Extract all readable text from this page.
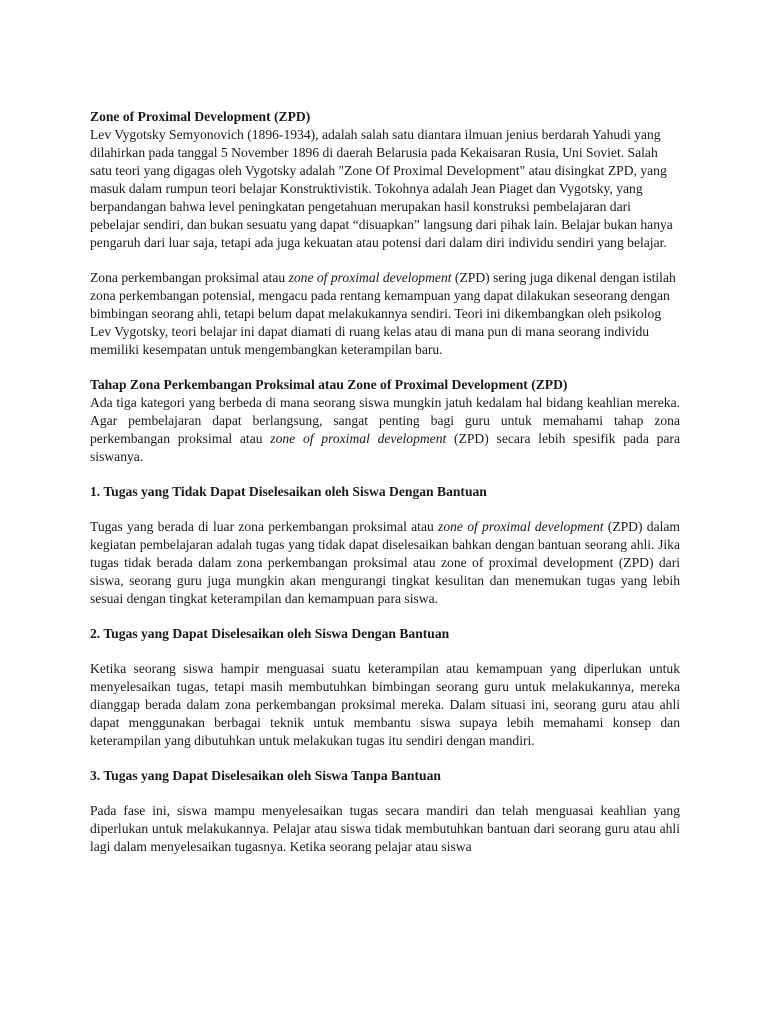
Zone of Proximal Development (ZPD)

Lev Vygotsky Semyonovich (1896-1934), adalah salah satu diantara ilmuan jenius berdarah Yahudi yang dilahirkan pada tanggal 5 November 1896 di daerah Belarusia pada Kekaisaran Rusia, Uni Soviet. Salah satu teori yang digagas oleh Vygotsky adalah "Zone Of Proximal Development" atau disingkat ZPD, yang masuk dalam rumpun teori belajar Konstruktivistik. Tokohnya adalah Jean Piaget dan Vygotsky, yang berpandangan bahwa level peningkatan pengetahuan merupakan hasil konstruksi pembelajaran dari pebelajar sendiri, dan bukan sesuatu yang dapat “disuapkan” langsung dari pihak lain. Belajar bukan hanya pengaruh dari luar saja, tetapi ada juga kekuatan atau potensi dari dalam diri individu sendiri yang belajar.

Zona perkembangan proksimal atau zone of proximal development (ZPD) sering juga dikenal dengan istilah zona perkembangan potensial, mengacu pada rentang kemampuan yang dapat dilakukan seseorang dengan bimbingan seorang ahli, tetapi belum dapat melakukannya sendiri. Teori ini dikembangkan oleh psikolog Lev Vygotsky, teori belajar ini dapat diamati di ruang kelas atau di mana pun di mana seorang individu memiliki kesempatan untuk mengembangkan keterampilan baru.

Tahap Zona Perkembangan Proksimal atau Zone of Proximal Development (ZPD)

Ada tiga kategori yang berbeda di mana seorang siswa mungkin jatuh kedalam hal bidang keahlian mereka. Agar pembelajaran dapat berlangsung, sangat penting bagi guru untuk memahami tahap zona perkembangan proksimal atau zone of proximal development (ZPD) secara lebih spesifik pada para siswanya.

1. Tugas yang Tidak Dapat Diselesaikan oleh Siswa Dengan Bantuan

Tugas yang berada di luar zona perkembangan proksimal atau zone of proximal development (ZPD) dalam kegiatan pembelajaran adalah tugas yang tidak dapat diselesaikan bahkan dengan bantuan seorang ahli. Jika tugas tidak berada dalam zona perkembangan proksimal atau zone of proximal development (ZPD) dari siswa, seorang guru juga mungkin akan mengurangi tingkat kesulitan dan menemukan tugas yang lebih sesuai dengan tingkat keterampilan dan kemampuan para siswa.

2. Tugas yang Dapat Diselesaikan oleh Siswa Dengan Bantuan

Ketika seorang siswa hampir menguasai suatu keterampilan atau kemampuan yang diperlukan untuk menyelesaikan tugas, tetapi masih membutuhkan bimbingan seorang guru untuk melakukannya, mereka dianggap berada dalam zona perkembangan proksimal mereka. Dalam situasi ini, seorang guru atau ahli dapat menggunakan berbagai teknik untuk membantu siswa supaya lebih memahami konsep dan keterampilan yang dibutuhkan untuk melakukan tugas itu sendiri dengan mandiri.

3. Tugas yang Dapat Diselesaikan oleh Siswa Tanpa Bantuan

Pada fase ini, siswa mampu menyelesaikan tugas secara mandiri dan telah menguasai keahlian yang diperlukan untuk melakukannya. Pelajar atau siswa tidak membutuhkan bantuan dari seorang guru atau ahli lagi dalam menyelesaikan tugasnya. Ketika seorang pelajar atau siswa
